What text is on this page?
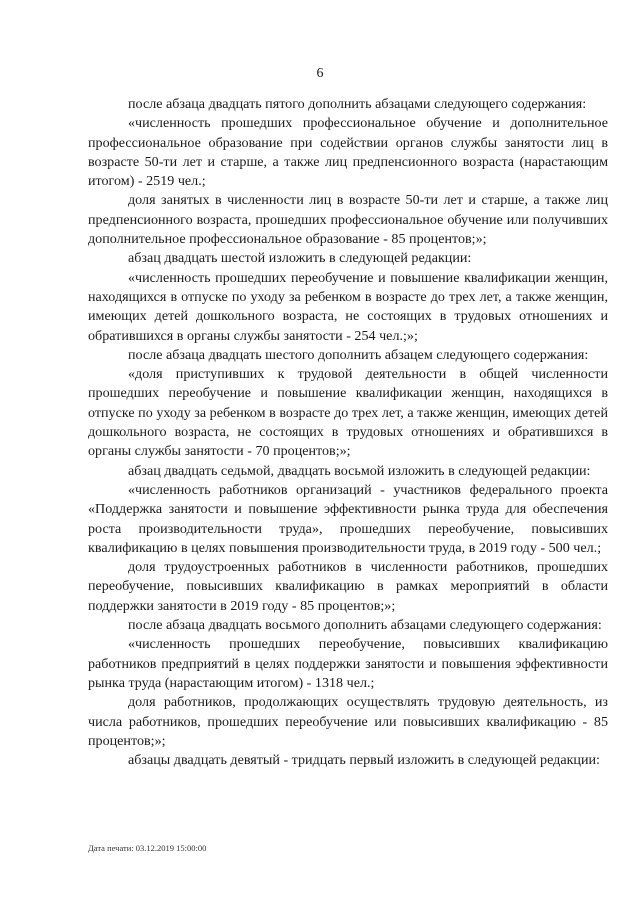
6

после абзаца двадцать пятого дополнить абзацами следующего содержания:

«численность прошедших профессиональное обучение и дополнительное профессиональное образование при содействии органов службы занятости лиц в возрасте 50-ти лет и старше, а также лиц предпенсионного возраста (нарастающим итогом) - 2519 чел.;

доля занятых в численности лиц в возрасте 50-ти лет и старше, а также лиц предпенсионного возраста, прошедших профессиональное обучение или получивших дополнительное профессиональное образование - 85 процентов;»;

абзац двадцать шестой изложить в следующей редакции:

«численность прошедших переобучение и повышение квалификации женщин, находящихся в отпуске по уходу за ребенком в возрасте до трех лет, а также женщин, имеющих детей дошкольного возраста, не состоящих в трудовых отношениях и обратившихся в органы службы занятости - 254 чел.;»;

после абзаца двадцать шестого дополнить абзацем следующего содержания:

«доля приступивших к трудовой деятельности в общей численности прошедших переобучение и повышение квалификации женщин, находящихся в отпуске по уходу за ребенком в возрасте до трех лет, а также женщин, имеющих детей дошкольного возраста, не состоящих в трудовых отношениях и обратившихся в органы службы занятости - 70 процентов;»;

абзац двадцать седьмой, двадцать восьмой изложить в следующей редакции:

«численность работников организаций - участников федерального проекта «Поддержка занятости и повышение эффективности рынка труда для обеспечения роста производительности труда», прошедших переобучение, повысивших квалификацию в целях повышения производительности труда, в 2019 году - 500 чел.;

доля трудоустроенных работников в численности работников, прошедших переобучение, повысивших квалификацию в рамках мероприятий в области поддержки занятости в 2019 году - 85 процентов;»;

после абзаца двадцать восьмого дополнить абзацами следующего содержания:

«численность прошедших переобучение, повысивших квалификацию работников предприятий в целях поддержки занятости и повышения эффективности рынка труда (нарастающим итогом) - 1318 чел.;

доля работников, продолжающих осуществлять трудовую деятельность, из числа работников, прошедших переобучение или повысивших квалификацию - 85 процентов;»;

абзацы двадцать девятый - тридцать первый изложить в следующей редакции:

Дата печати: 03.12.2019 15:00:00
